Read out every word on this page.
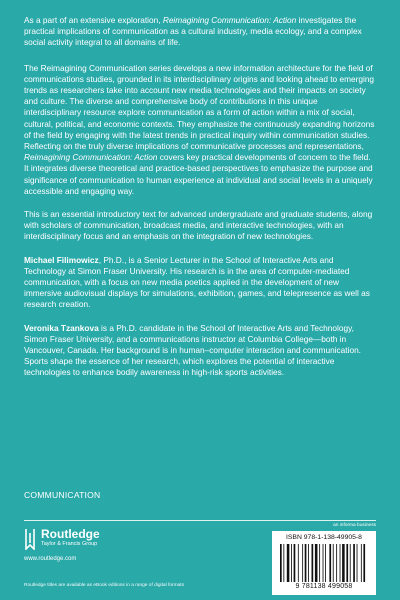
As a part of an extensive exploration, Reimagining Communication: Action investigates the practical implications of communication as a cultural industry, media ecology, and a complex social activity integral to all domains of life.

The Reimagining Communication series develops a new information architecture for the field of communications studies, grounded in its interdisciplinary origins and looking ahead to emerging trends as researchers take into account new media technologies and their impacts on society and culture. The diverse and comprehensive body of contributions in this unique interdisciplinary resource explore communication as a form of action within a mix of social, cultural, political, and economic contexts. They emphasize the continuously expanding horizons of the field by engaging with the latest trends in practical inquiry within communication studies. Reflecting on the truly diverse implications of communicative processes and representations, Reimagining Communication: Action covers key practical developments of concern to the field. It integrates diverse theoretical and practice-based perspectives to emphasize the purpose and significance of communication to human experience at individual and social levels in a uniquely accessible and engaging way.

This is an essential introductory text for advanced undergraduate and graduate students, along with scholars of communication, broadcast media, and interactive technologies, with an interdisciplinary focus and an emphasis on the integration of new technologies.

Michael Filimowicz, Ph.D., is a Senior Lecturer in the School of Interactive Arts and Technology at Simon Fraser University. His research is in the area of computer-mediated communication, with a focus on new media poetics applied in the development of new immersive audiovisual displays for simulations, exhibition, games, and telepresence as well as research creation.

Veronika Tzankova is a Ph.D. candidate in the School of Interactive Arts and Technology, Simon Fraser University, and a communications instructor at Columbia College—both in Vancouver, Canada. Her background is in human–computer interaction and communication. Sports shape the essence of her research, which explores the potential of interactive technologies to enhance bodily awareness in high-risk sports activities.

COMMUNICATION
an informa business
Routledge
Taylor & Francis Group
www.routledge.com
Routledge titles are available as eBook editions in a range of digital formats
ISBN 978-1-138-49905-8
9 781138 499058
